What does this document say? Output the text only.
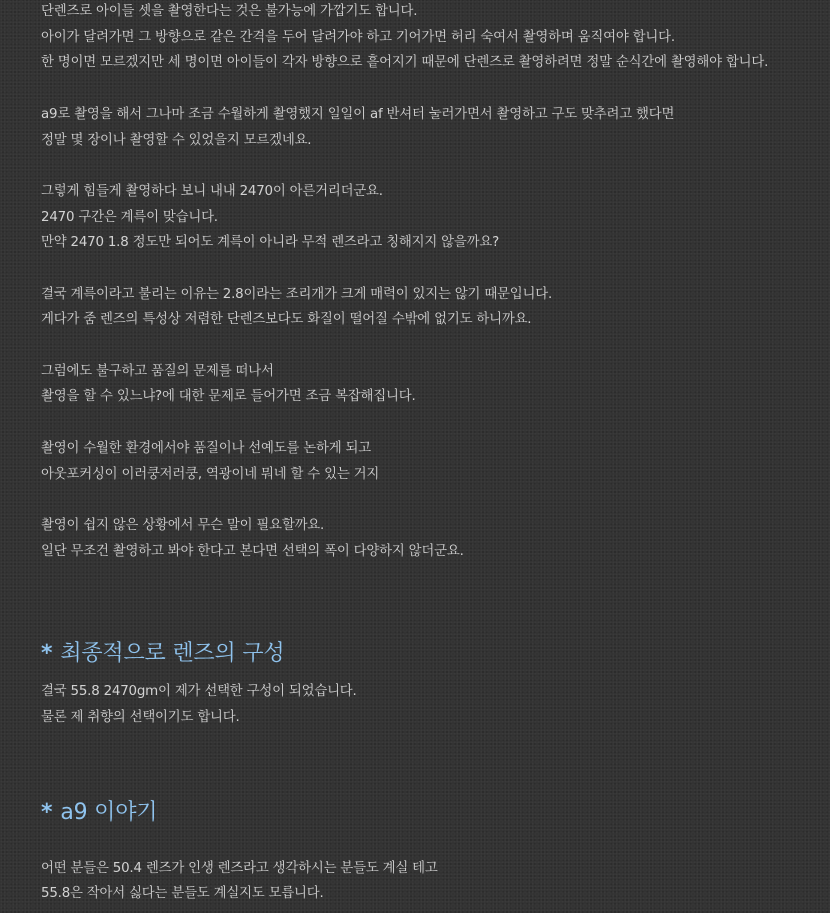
단렌즈로 아이들 셋을 촬영한다는 것은 불가능에 가깝기도 합니다.
아이가 달려가면 그 방향으로 같은 간격을 두어 달려가야 하고 기어가면 허리 숙여서 촬영하며 움직여야 합니다.
한 명이면 모르겠지만 세 명이면 아이들이 각자 방향으로 흩어지기 때문에 단렌즈로 촬영하려면 정말 순식간에 촬영해야 합니다.
a9로 촬영을 해서 그나마 조금 수월하게 촬영했지 일일이 af 반셔터 눌러가면서 촬영하고 구도 맞추려고 했다면
정말 몇 장이나 촬영할 수 있었을지 모르겠네요.
그렇게 힘들게 촬영하다 보니 내내 2470이 아른거리더군요.
2470 구간은 계륵이 맞습니다.
만약 2470 1.8 정도만 되어도 계륵이 아니라 무적 렌즈라고 칭해지지 않을까요?
결국 계륵이라고 불리는 이유는 2.8이라는 조리개가 크게 매력이 있지는 않기 때문입니다.
게다가 줌 렌즈의 특성상 저렴한 단렌즈보다도 화질이 떨어질 수밖에 없기도 하니까요.
그럼에도 불구하고 품질의 문제를 떠나서
촬영을 할 수 있느냐?에 대한 문제로 들어가면 조금 복잡해집니다.
촬영이 수월한 환경에서야 품질이나 선예도를 논하게 되고
아웃포커싱이 이러쿵저러쿵, 역광이네 뭐네 할 수 있는 거지
촬영이 쉽지 않은 상황에서 무슨 말이 필요할까요.
일단 무조건 촬영하고 봐야 한다고 본다면 선택의 폭이 다양하지 않더군요.
* 최종적으로 렌즈의 구성
결국 55.8 2470gm이 제가 선택한 구성이 되었습니다.
물론 제 취향의 선택이기도 합니다.
* a9 이야기
어떤 분들은 50.4 렌즈가 인생 렌즈라고 생각하시는 분들도 계실 테고
55.8은 작아서 싫다는 분들도 계실지도 모릅니다.
